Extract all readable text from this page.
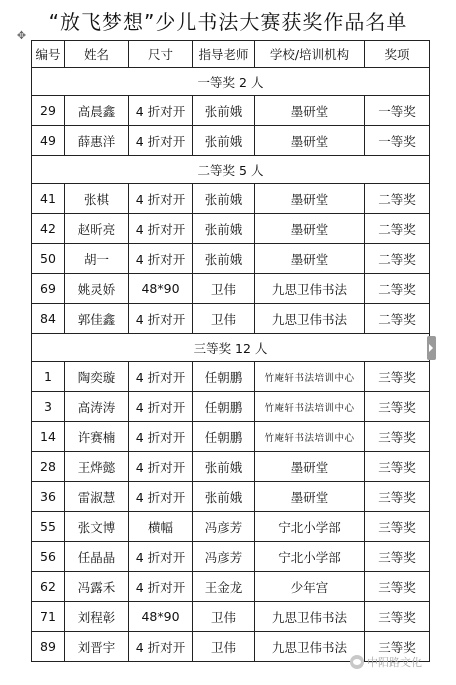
“放飞梦想”少儿书法大赛获奖作品名单
✥
编号	姓名	尺寸	指导老师	学校/培训机构	奖项
一等奖 2 人					
29	高晨鑫	4 折对开	张前娥	墨研堂	一等奖
49	薛惠洋	4 折对开	张前娥	墨研堂	一等奖
二等奖 5 人					
41	张棋	4 折对开	张前娥	墨研堂	二等奖
42	赵昕亮	4 折对开	张前娥	墨研堂	二等奖
50	胡一	4 折对开	张前娥	墨研堂	二等奖
69	姚灵娇	48*90	卫伟	九思卫伟书法	二等奖
84	郭佳鑫	4 折对开	卫伟	九思卫伟书法	二等奖
三等奖 12 人					
1	陶奕璇	4 折对开	任朝鹏	竹庵轩书法培训中心	三等奖
3	高涛涛	4 折对开	任朝鹏	竹庵轩书法培训中心	三等奖
14	许赛楠	4 折对开	任朝鹏	竹庵轩书法培训中心	三等奖
28	王烨懿	4 折对开	张前娥	墨研堂	三等奖
36	雷淑慧	4 折对开	张前娥	墨研堂	三等奖
55	张文博	横幅	冯彦芳	宁北小学部	三等奖
56	任晶晶	4 折对开	冯彦芳	宁北小学部	三等奖
62	冯露禾	4 折对开	王金龙	少年宫	三等奖
71	刘程彰	48*90	卫伟	九思卫伟书法	三等奖
89	刘晋宇	4 折对开	卫伟	九思卫伟书法	三等奖
中阳路文化
